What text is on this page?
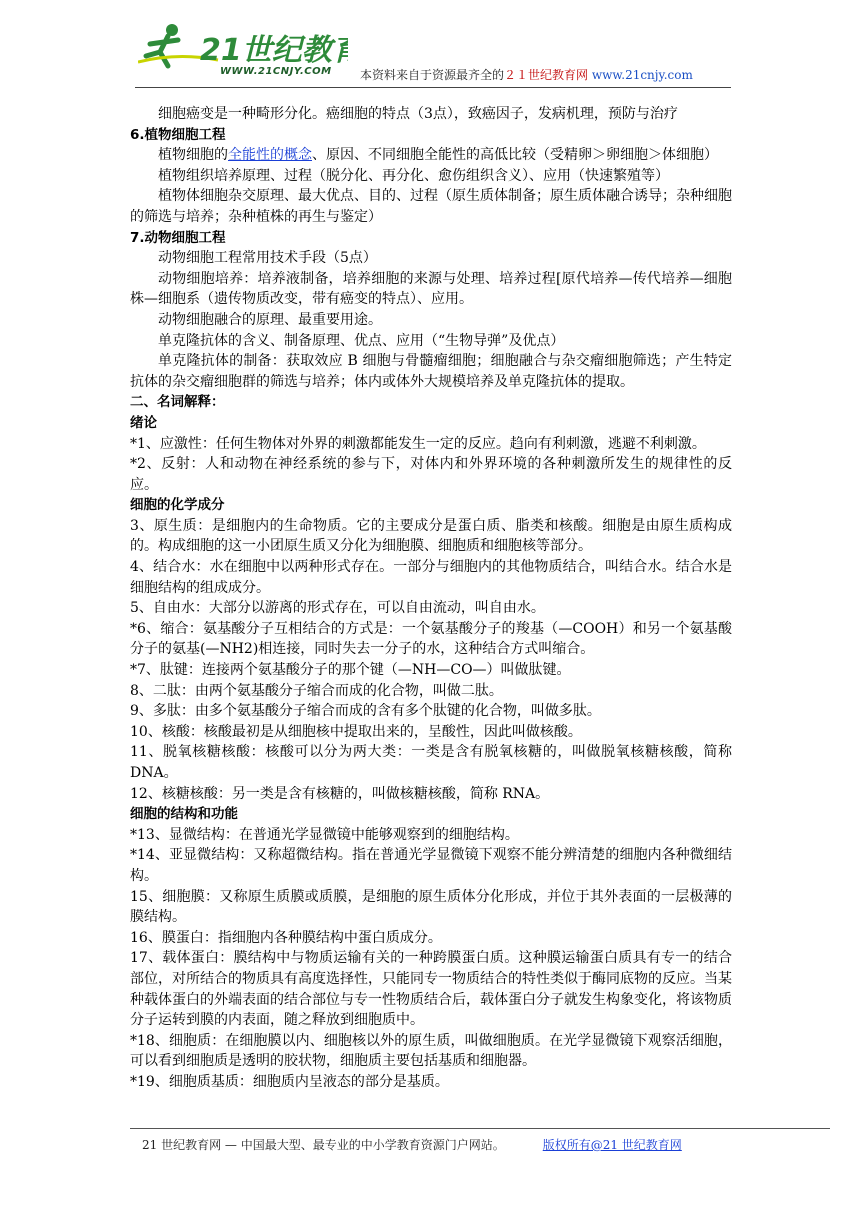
21世纪教育
WWW.21CNJY.COM 本资料来自于资源最齐全的２１世纪教育网 www.21cnjy.com

细胞癌变是一种畸形分化。癌细胞的特点（3点），致癌因子，发病机理，预防与治疗

6.植物细胞工程

植物细胞的全能性的概念、原因、不同细胞全能性的高低比较（受精卵＞卵细胞＞体细胞）

植物组织培养原理、过程（脱分化、再分化、愈伤组织含义）、应用（快速繁殖等）

植物体细胞杂交原理、最大优点、目的、过程（原生质体制备；原生质体融合诱导；杂种细胞的筛选与培养；杂种植株的再生与鉴定）

7.动物细胞工程

动物细胞工程常用技术手段（5点）

动物细胞培养：培养液制备，培养细胞的来源与处理、培养过程[原代培养—传代培养—细胞株—细胞系（遗传物质改变，带有癌变的特点）、应用。

动物细胞融合的原理、最重要用途。

单克隆抗体的含义、制备原理、优点、应用（“生物导弹”及优点）

单克隆抗体的制备：获取效应 B 细胞与骨髓瘤细胞；细胞融合与杂交瘤细胞筛选；产生特定抗体的杂交瘤细胞群的筛选与培养；体内或体外大规模培养及单克隆抗体的提取。

二、名词解释：

绪论

*1、应激性：任何生物体对外界的刺激都能发生一定的反应。趋向有利刺激，逃避不利刺激。

*2、反射：人和动物在神经系统的参与下，对体内和外界环境的各种刺激所发生的规律性的反应。

细胞的化学成分

3、原生质：是细胞内的生命物质。它的主要成分是蛋白质、脂类和核酸。细胞是由原生质构成的。构成细胞的这一小团原生质又分化为细胞膜、细胞质和细胞核等部分。

4、结合水：水在细胞中以两种形式存在。一部分与细胞内的其他物质结合，叫结合水。结合水是细胞结构的组成成分。

5、自由水：大部分以游离的形式存在，可以自由流动，叫自由水。

*6、缩合：氨基酸分子互相结合的方式是：一个氨基酸分子的羧基（—COOH）和另一个氨基酸分子的氨基(—NH2)相连接，同时失去一分子的水，这种结合方式叫缩合。

*7、肽键：连接两个氨基酸分子的那个键（—NH—CO—）叫做肽键。

8、二肽：由两个氨基酸分子缩合而成的化合物，叫做二肽。

9、多肽：由多个氨基酸分子缩合而成的含有多个肽键的化合物，叫做多肽。

10、核酸：核酸最初是从细胞核中提取出来的，呈酸性，因此叫做核酸。

11、脱氧核糖核酸：核酸可以分为两大类：一类是含有脱氧核糖的，叫做脱氧核糖核酸，简称 DNA。

12、核糖核酸：另一类是含有核糖的，叫做核糖核酸，简称 RNA。

细胞的结构和功能

*13、显微结构：在普通光学显微镜中能够观察到的细胞结构。

*14、亚显微结构：又称超微结构。指在普通光学显微镜下观察不能分辨清楚的细胞内各种微细结构。

15、细胞膜：又称原生质膜或质膜，是细胞的原生质体分化形成，并位于其外表面的一层极薄的膜结构。

16、膜蛋白：指细胞内各种膜结构中蛋白质成分。

17、载体蛋白：膜结构中与物质运输有关的一种跨膜蛋白质。这种膜运输蛋白质具有专一的结合部位，对所结合的物质具有高度选择性，只能同专一物质结合的特性类似于酶同底物的反应。当某种载体蛋白的外端表面的结合部位与专一性物质结合后，载体蛋白分子就发生构象变化，将该物质分子运转到膜的内表面，随之释放到细胞质中。

*18、细胞质：在细胞膜以内、细胞核以外的原生质，叫做细胞质。在光学显微镜下观察活细胞，可以看到细胞质是透明的胶状物，细胞质主要包括基质和细胞器。

*19、细胞质基质：细胞质内呈液态的部分是基质。

21 世纪教育网 — 中国最大型、最专业的中小学教育资源门户网站。	版权所有@21 世纪教育网
